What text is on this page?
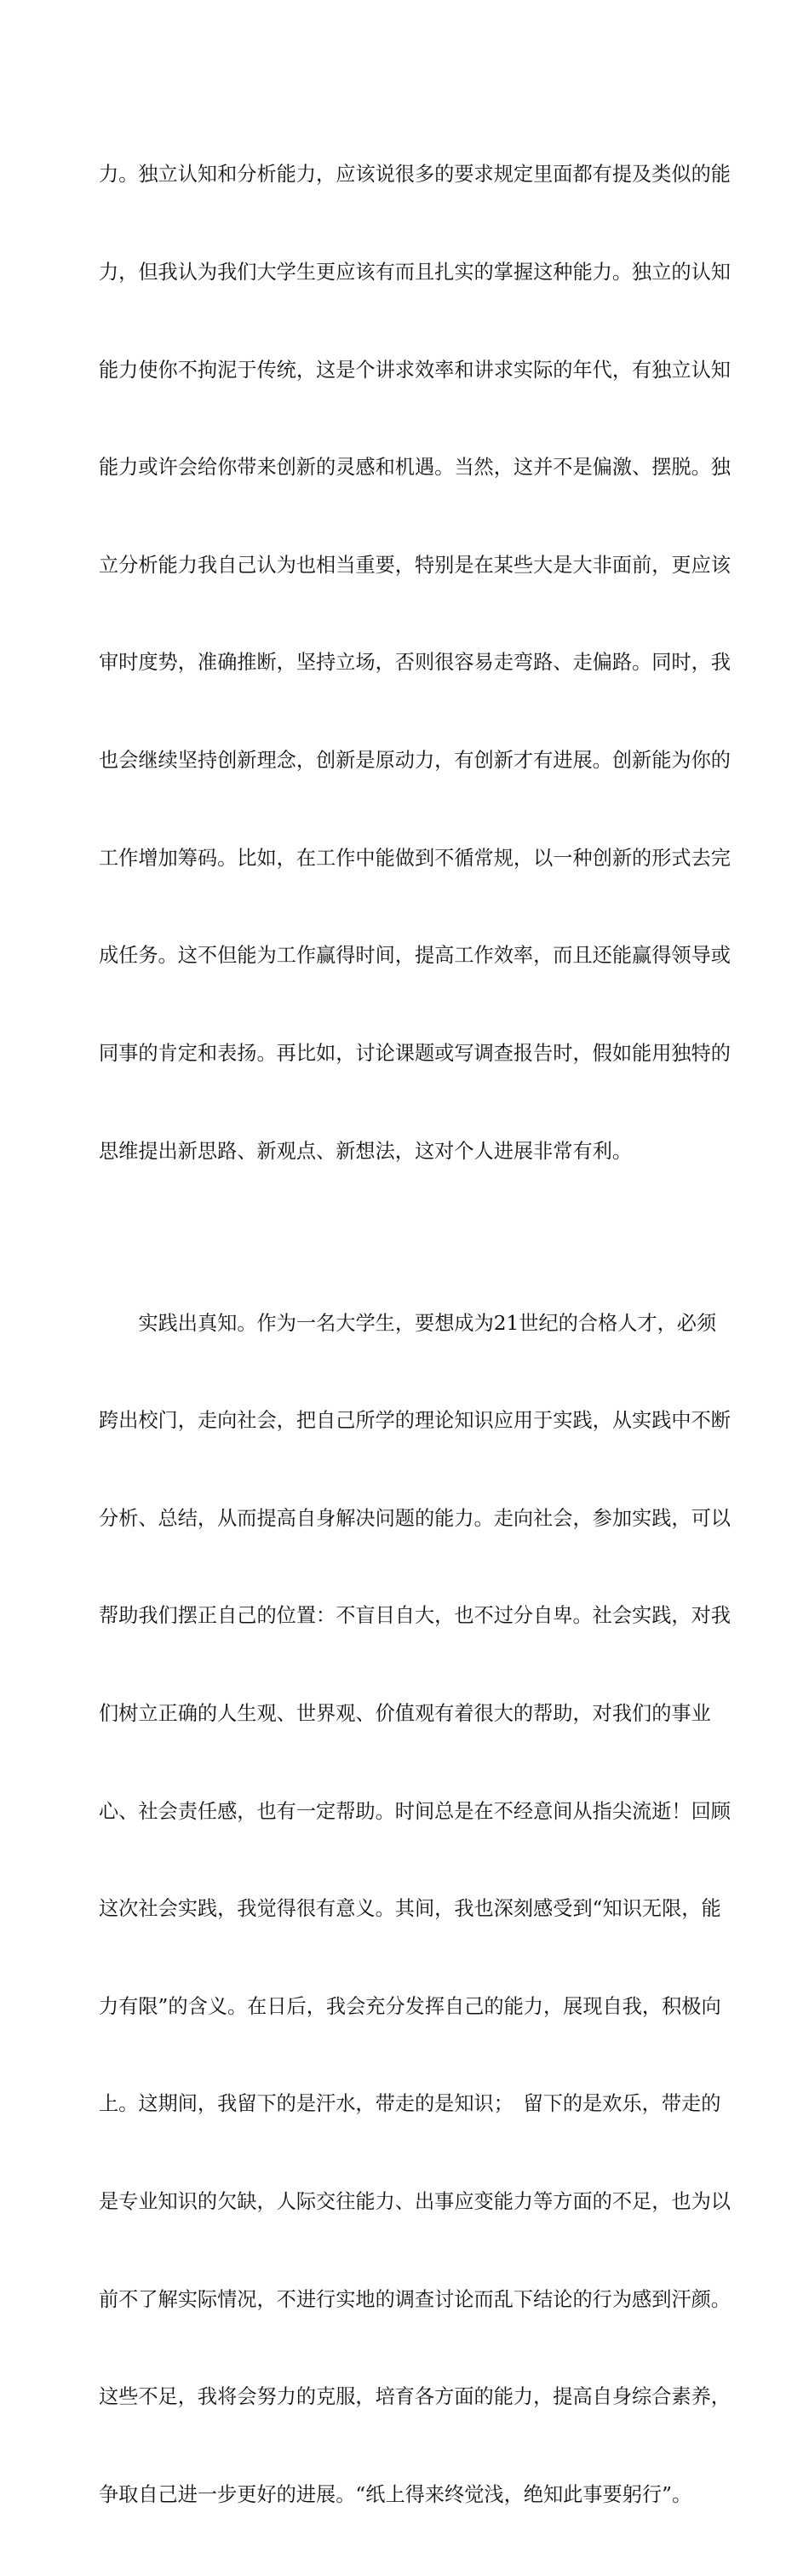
力。独立认知和分析能力，应该说很多的要求规定里面都有提及类似的能

力，但我认为我们大学生更应该有而且扎实的掌握这种能力。独立的认知

能力使你不拘泥于传统，这是个讲求效率和讲求实际的年代，有独立认知

能力或许会给你带来创新的灵感和机遇。当然，这并不是偏激、摆脱。独

立分析能力我自己认为也相当重要，特别是在某些大是大非面前，更应该

审时度势，准确推断，坚持立场，否则很容易走弯路、走偏路。同时，我

也会继续坚持创新理念，创新是原动力，有创新才有进展。创新能为你的

工作增加筹码。比如，在工作中能做到不循常规，以一种创新的形式去完

成任务。这不但能为工作赢得时间，提高工作效率，而且还能赢得领导或

同事的肯定和表扬。再比如，讨论课题或写调查报告时，假如能用独特的

思维提出新思路、新观点、新想法，这对个人进展非常有利。

实践出真知。作为一名大学生，要想成为21世纪的合格人才，必须

跨出校门，走向社会，把自己所学的理论知识应用于实践，从实践中不断

分析、总结，从而提高自身解决问题的能力。走向社会，参加实践，可以

帮助我们摆正自己的位置：不盲目自大，也不过分自卑。社会实践，对我

们树立正确的人生观、世界观、价值观有着很大的帮助，对我们的事业

心、社会责任感，也有一定帮助。时间总是在不经意间从指尖流逝！回顾

这次社会实践，我觉得很有意义。其间，我也深刻感受到“知识无限，能

力有限”的含义。在日后，我会充分发挥自己的能力，展现自我，积极向

上。这期间，我留下的是汗水，带走的是知识；　留下的是欢乐，带走的

是专业知识的欠缺，人际交往能力、出事应变能力等方面的不足，也为以

前不了解实际情况，不进行实地的调查讨论而乱下结论的行为感到汗颜。

这些不足，我将会努力的克服，培育各方面的能力，提高自身综合素养，

争取自己进一步更好的进展。“纸上得来终觉浅，绝知此事要躬行”。
